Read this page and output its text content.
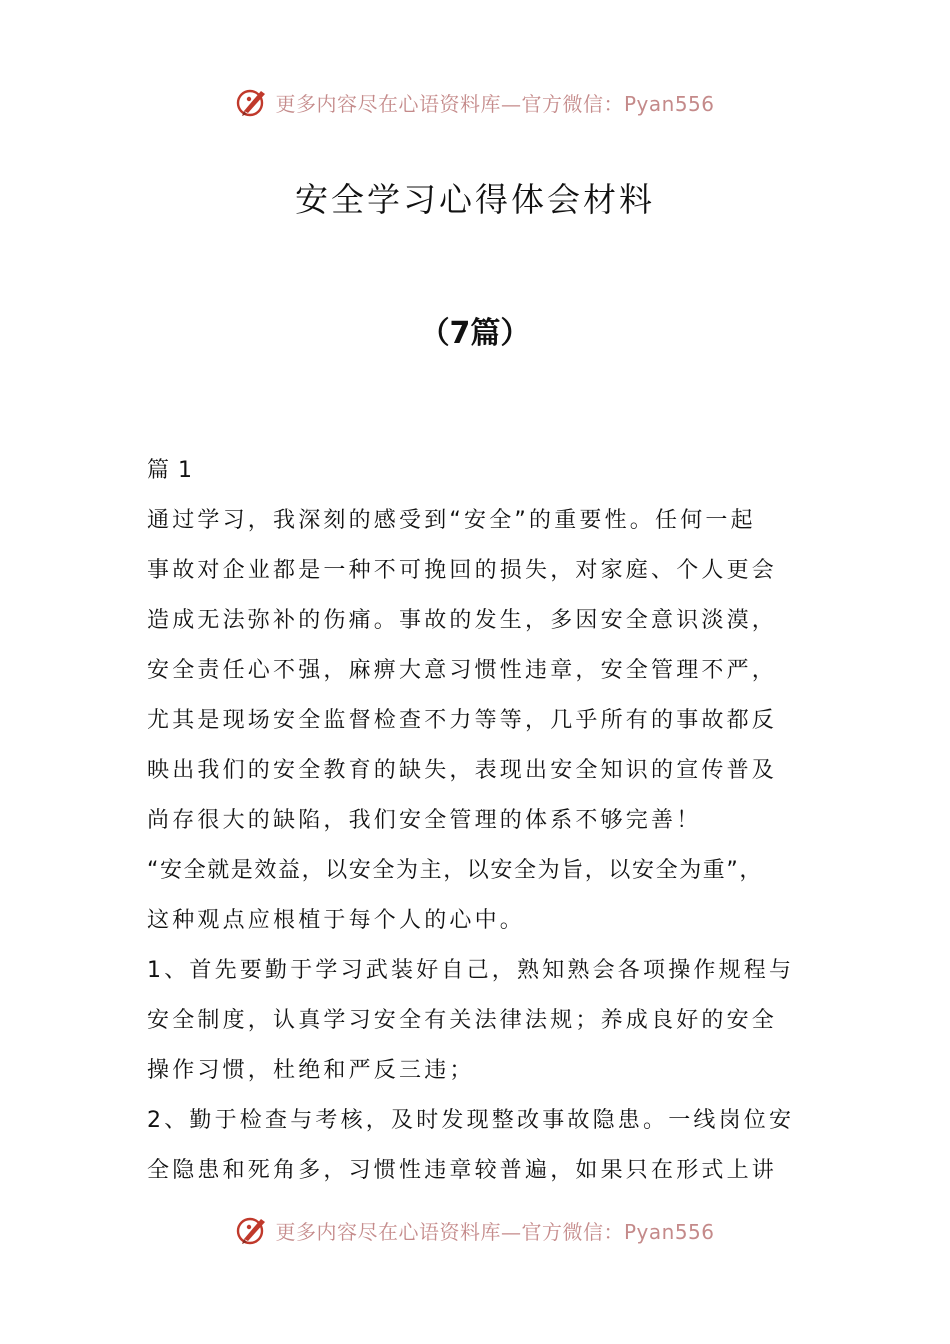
更多内容尽在心语资料库—官方微信：Pyan556
安全学习心得体会材料
（7篇）
篇 1
通过学习，我深刻的感受到“安全”的重要性。任何一起
事故对企业都是一种不可挽回的损失，对家庭、个人更会
造成无法弥补的伤痛。事故的发生，多因安全意识淡漠，
安全责任心不强，麻痹大意习惯性违章，安全管理不严，
尤其是现场安全监督检查不力等等，几乎所有的事故都反
映出我们的安全教育的缺失，表现出安全知识的宣传普及
尚存很大的缺陷，我们安全管理的体系不够完善！
“安全就是效益，以安全为主，以安全为旨，以安全为重”，
这种观点应根植于每个人的心中。
1、首先要勤于学习武装好自己，熟知熟会各项操作规程与
安全制度，认真学习安全有关法律法规；养成良好的安全
操作习惯，杜绝和严反三违；
2、勤于检查与考核，及时发现整改事故隐患。一线岗位安
全隐患和死角多，习惯性违章较普遍，如果只在形式上讲
更多内容尽在心语资料库—官方微信：Pyan556
